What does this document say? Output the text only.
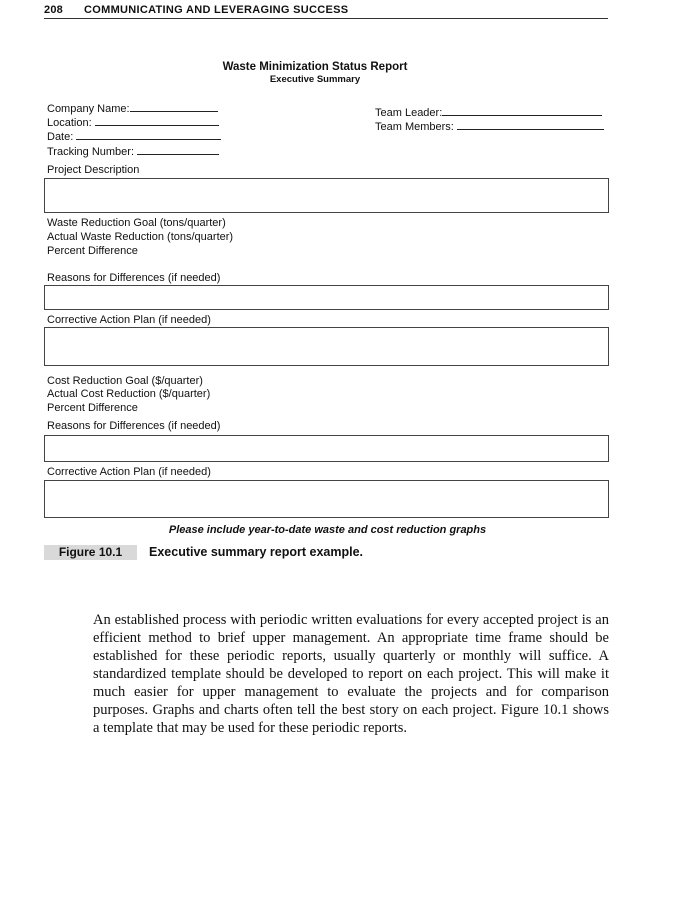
208 COMMUNICATING AND LEVERAGING SUCCESS
Waste Minimization Status Report
Executive Summary
Company Name:
Location:
Date:
Tracking Number:
Team Leader:
Team Members:
Project Description
Waste Reduction Goal (tons/quarter)
Actual Waste Reduction (tons/quarter)
Percent Difference
Reasons for Differences (if needed)
Corrective Action Plan (if needed)
Cost Reduction Goal ($/quarter)
Actual Cost Reduction ($/quarter)
Percent Difference
Reasons for Differences (if needed)
Corrective Action Plan (if needed)
Please include year-to-date waste and cost reduction graphs
Figure 10.1	Executive summary report example.
An established process with periodic written evaluations for every accepted project is an efficient method to brief upper management. An appropriate time frame should be established for these periodic reports, usually quarterly or monthly will suffice. A standardized template should be developed to report on each project. This will make it much easier for upper management to evaluate the projects and for comparison purposes. Graphs and charts often tell the best story on each project. Figure 10.1 shows a template that may be used for these periodic reports.
